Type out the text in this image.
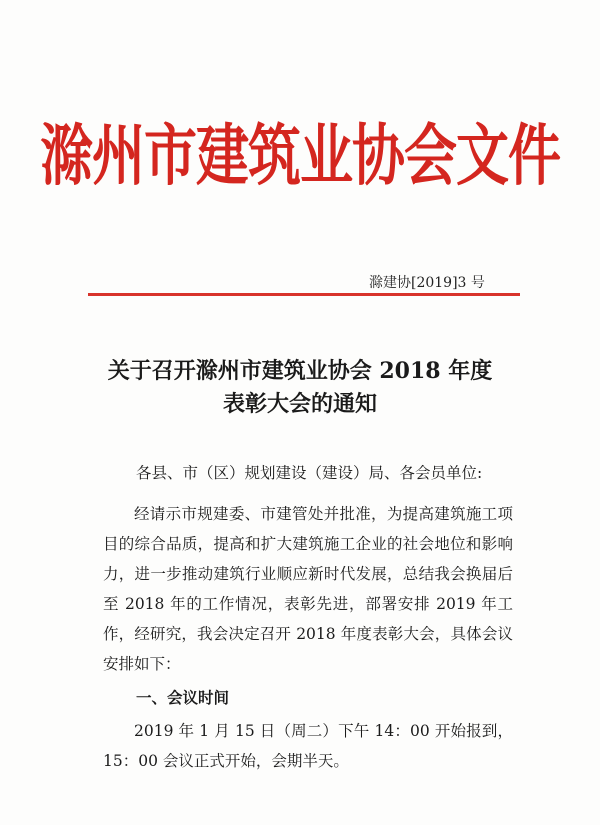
滁州市建筑业协会文件
滁建协[2019]3 号
关于召开滁州市建筑业协会 2018 年度
表彰大会的通知
各县、市（区）规划建设（建设）局、各会员单位:
经请示市规建委、市建管处并批准，为提高建筑施工项目的综合品质，提高和扩大建筑施工企业的社会地位和影响力，进一步推动建筑行业顺应新时代发展，总结我会换届后至 2018 年的工作情况，表彰先进，部署安排 2019 年工作，经研究，我会决定召开 2018 年度表彰大会，具体会议安排如下：
一、会议时间
2019 年 1 月 15 日（周二）下午 14：00 开始报到，15：00 会议正式开始，会期半天。
